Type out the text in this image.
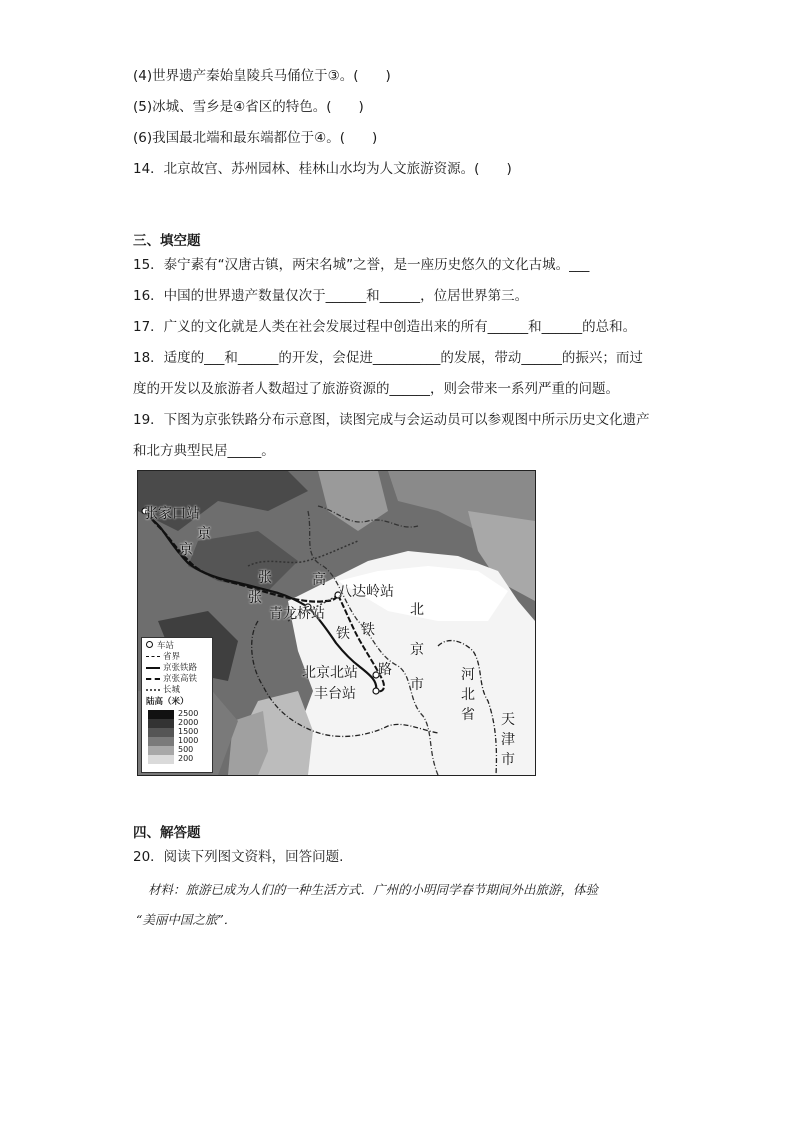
(4)世界遗产秦始皇陵兵马俑位于③。(　　)
(5)冰城、雪乡是④省区的特色。(　　)
(6)我国最北端和最东端都位于④。(　　)
14．北京故宫、苏州园林、桂林山水均为人文旅游资源。(　　)
三、填空题
15．泰宁素有“汉唐古镇，两宋名城”之誉，是一座历史悠久的文化古城。___
16．中国的世界遗产数量仅次于______和______，位居世界第三。
17．广义的文化就是人类在社会发展过程中创造出来的所有______和______的总和。
18．适度的___和______的开发，会促进__________的发展，带动______的振兴；而过
度的开发以及旅游者人数超过了旅游资源的______，则会带来一系列严重的问题。
19．下图为京张铁路分布示意图，读图完成与会运动员可以参观图中所示历史文化遗产
和北方典型民居_____。
张家口站
京
京
张
张
高
八达岭站
青龙桥站
铁 铁
路
北京北站
丰台站
北
京
市
河
北
省 天
津
市
车站
省界
京张铁路
京张高铁
长城
陆高（米）
2500
2000
1500
1000
500
200
四、解答题
20．阅读下列图文资料，回答问题.
材料：旅游已成为人们的一种生活方式．广州的小明同学春节期间外出旅游，体验
“美丽中国之旅”．
